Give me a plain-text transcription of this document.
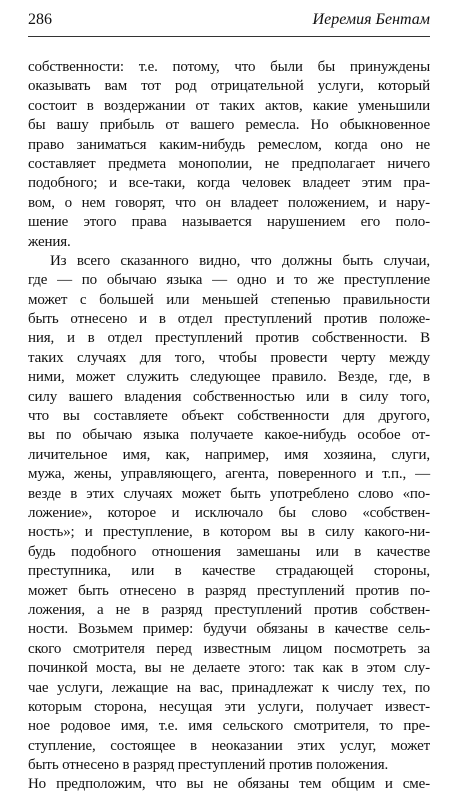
286	Иеремия Бентам
собственности: т.е. потому, что были бы принуждены
оказывать вам тот род отрицательной услуги, который
состоит в воздержании от таких актов, какие уменьшили
бы вашу прибыль от вашего ремесла. Но обыкновенное
право заниматься каким-нибудь ремеслом, когда оно не
составляет предмета монополии, не предполагает ничего
подобного; и все-таки, когда человек владеет этим пра-
вом, о нем говорят, что он владеет положением, и нару-
шение этого права называется нарушением его поло-
жения.
Из всего сказанного видно, что должны быть случаи,
где — по обычаю языка — одно и то же преступление
может с большей или меньшей степенью правильности
быть отнесено и в отдел преступлений против положе-
ния, и в отдел преступлений против собственности. В
таких случаях для того, чтобы провести черту между
ними, может служить следующее правило. Везде, где, в
силу вашего владения собственностью или в силу того,
что вы составляете объект собственности для другого,
вы по обычаю языка получаете какое-нибудь особое от-
личительное имя, как, например, имя хозяина, слуги,
мужа, жены, управляющего, агента, поверенного и т.п., —
везде в этих случаях может быть употреблено слово «по-
ложение», которое и исключало бы слово «собствен-
ность»; и преступление, в котором вы в силу какого-ни-
будь подобного отношения замешаны или в качестве
преступника, или в качестве страдающей стороны,
может быть отнесено в разряд преступлений против по-
ложения, а не в разряд преступлений против собствен-
ности. Возьмем пример: будучи обязаны в качестве сель-
ского смотрителя перед известным лицом посмотреть за
починкой моста, вы не делаете этого: так как в этом слу-
чае услуги, лежащие на вас, принадлежат к числу тех, по
которым сторона, несущая эти услуги, получает извест-
ное родовое имя, т.е. имя сельского смотрителя, то пре-
ступление, состоящее в неоказании этих услуг, может
быть отнесено в разряд преступлений против положения.
Но предположим, что вы не обязаны тем общим и сме-
